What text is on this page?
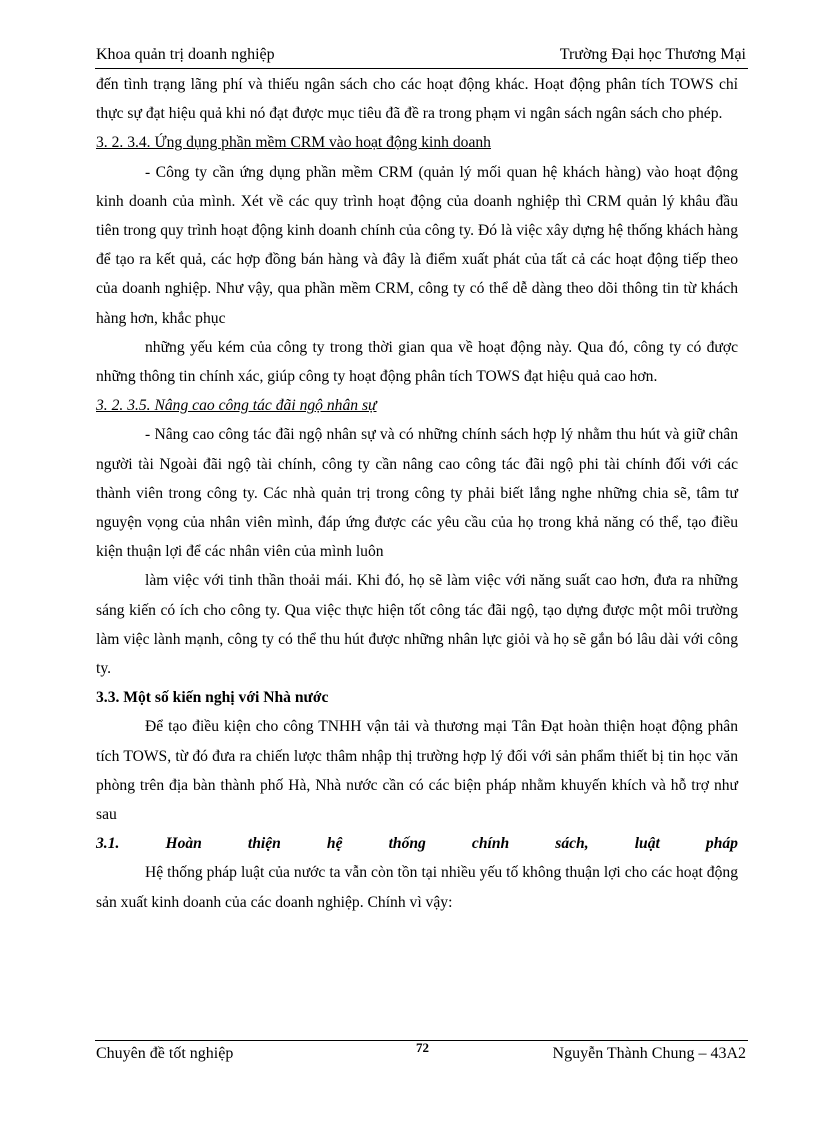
Khoa quản trị doanh nghiệp	Trường Đại học Thương Mại

đến tình trạng lãng phí và thiếu ngân sách cho các hoạt động khác. Hoạt động phân tích TOWS chỉ thực sự đạt hiệu quả khi nó đạt được mục tiêu đã đề ra trong phạm vi ngân sách ngân sách cho phép.

3. 2. 3.4. Ứng dụng phần mềm CRM vào hoạt động kinh doanh

- Công ty cần ứng dụng phần mềm CRM (quản lý mối quan hệ khách hàng) vào hoạt động kinh doanh của mình. Xét về các quy trình hoạt động của doanh nghiệp thì CRM quản lý khâu đầu tiên trong quy trình hoạt động kinh doanh chính của công ty. Đó là việc xây dựng hệ thống khách hàng để tạo ra kết quả, các hợp đồng bán hàng và đây là điểm xuất phát của tất cả các hoạt động tiếp theo của doanh nghiệp. Như vậy, qua phần mềm CRM, công ty có thể dễ dàng theo dõi thông tin từ khách hàng hơn, khắc phục

những yếu kém của công ty trong thời gian qua về hoạt động này. Qua đó, công ty có được những thông tin chính xác, giúp công ty hoạt động phân tích TOWS đạt hiệu quả cao hơn.

3. 2. 3.5. Nâng cao công tác đãi ngộ nhân sự

- Nâng cao công tác đãi ngộ nhân sự và có những chính sách hợp lý nhằm thu hút và giữ chân người tài Ngoài đãi ngộ tài chính, công ty cần nâng cao công tác đãi ngộ phi tài chính đối với các thành viên trong công ty. Các nhà quản trị trong công ty phải biết lắng nghe những chia sẽ, tâm tư nguyện vọng của nhân viên mình, đáp ứng được các yêu cầu của họ trong khả năng có thể, tạo điều kiện thuận lợi để các nhân viên của mình luôn

làm việc với tinh thần thoải mái. Khi đó, họ sẽ làm việc với năng suất cao hơn, đưa ra những sáng kiến có ích cho công ty. Qua việc thực hiện tốt công tác đãi ngộ, tạo dựng được một môi trường làm việc lành mạnh, công ty có thể thu hút được những nhân lực giỏi và họ sẽ gắn bó lâu dài với công ty.

3.3. Một số kiến nghị với Nhà nước

Để tạo điều kiện cho công TNHH vận tải và thương mại Tân Đạt hoàn thiện hoạt động phân tích TOWS, từ đó đưa ra chiến lược thâm nhập thị trường hợp lý đối với sản phẩm thiết bị tin học văn phòng trên địa bàn thành phố Hà, Nhà nước cần có các biện pháp nhằm khuyến khích và hỗ trợ như sau

3.1.	Hoàn	thiện	hệ	thống	chính	sách,	luật	pháp

Hệ thống pháp luật của nước ta vẫn còn tồn tại nhiều yếu tố không thuận lợi cho các hoạt động sản xuất kinh doanh của các doanh nghiệp. Chính vì vậy:

Chuyên đề tốt nghiệp	72	Nguyễn Thành Chung – 43A2
